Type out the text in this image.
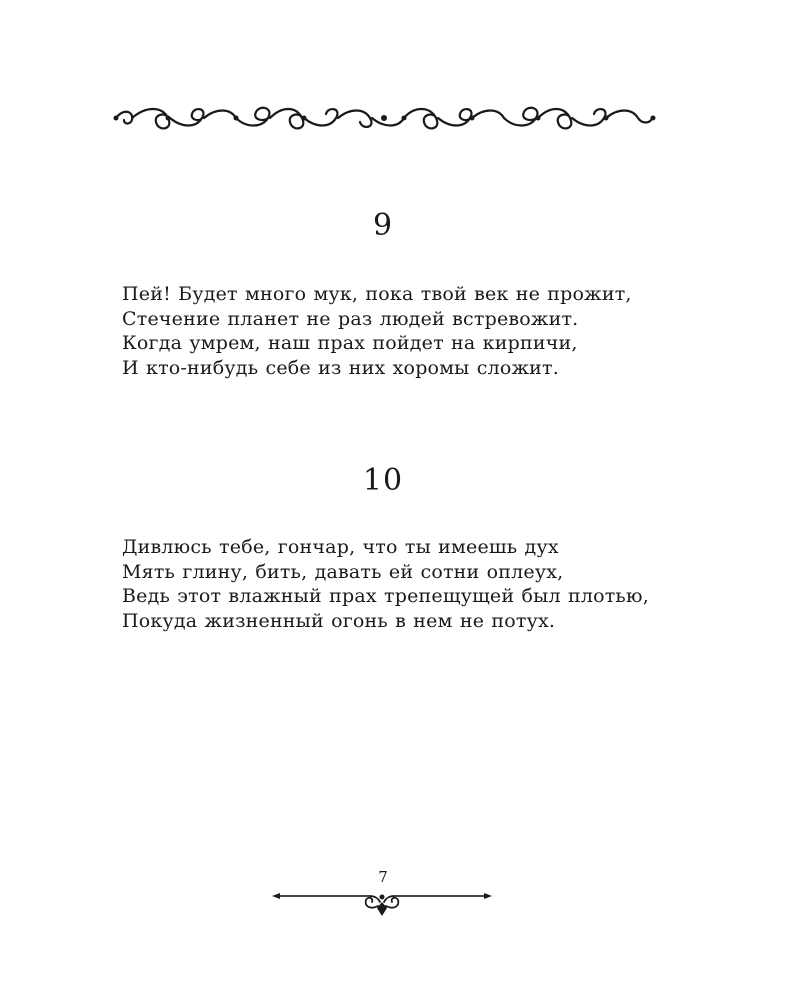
9
Пей! Будет много мук, пока твой век не прожит,
Стечение планет не раз людей встревожит.
Когда умрем, наш прах пойдет на кирпичи,
И кто-нибудь себе из них хоромы сложит.
10
Дивлюсь тебе, гончар, что ты имеешь дух
Мять глину, бить, давать ей сотни оплеух,
Ведь этот влажный прах трепещущей был плотью,
Покуда жизненный огонь в нем не потух.
7
